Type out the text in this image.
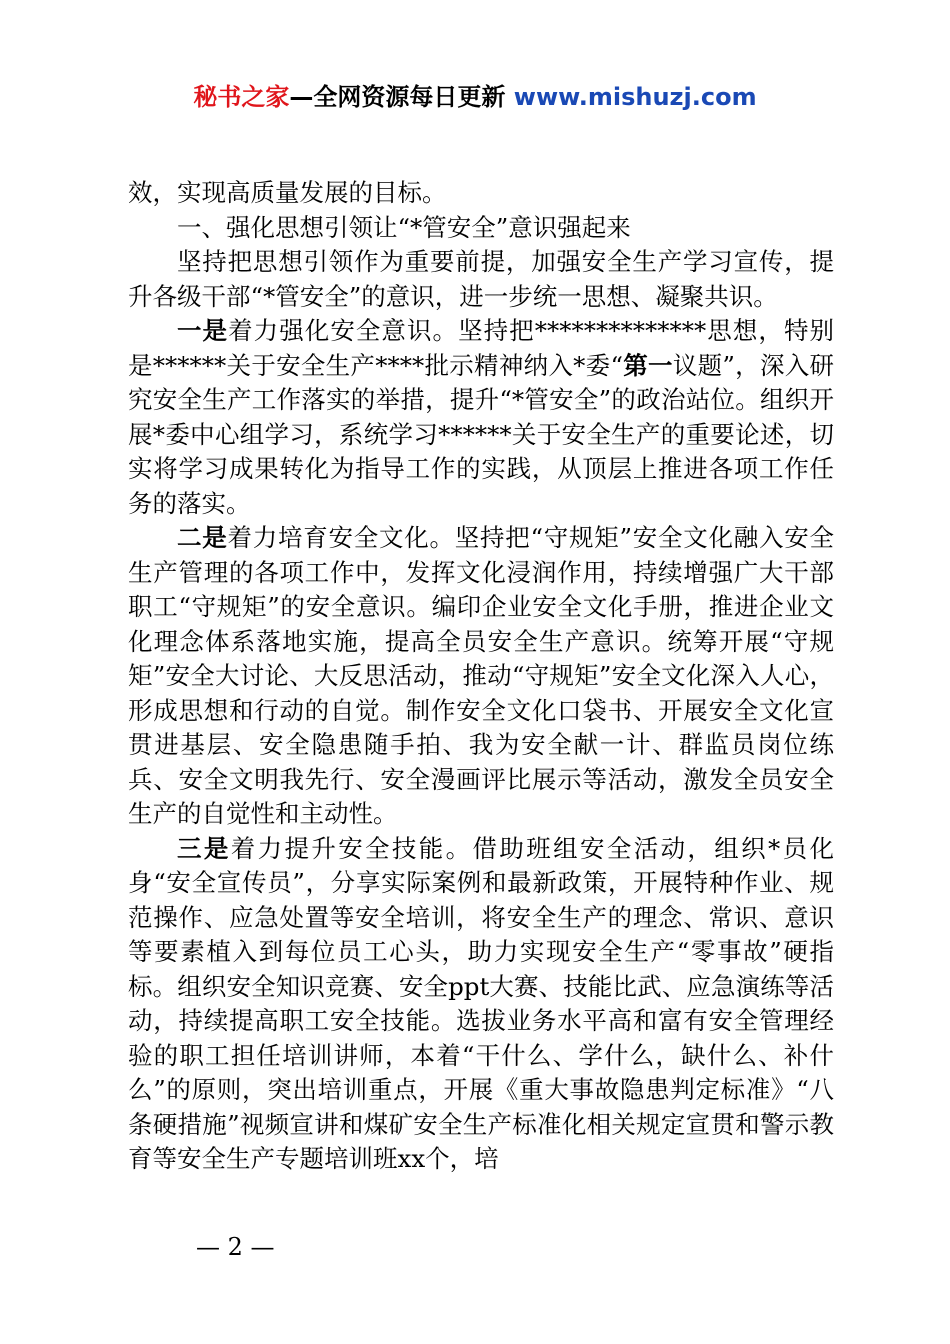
秘书之家—全网资源每日更新 www.mishuzj.com

效，实现高质量发展的目标。

一、强化思想引领让“*管安全”意识强起来

坚持把思想引领作为重要前提，加强安全生产学习宣传，提升各级干部“*管安全”的意识，进一步统一思想、凝聚共识。

一是着力强化安全意识。坚持把**************思想，特别是******关于安全生产****批示精神纳入*委“第一议题”，深入研究安全生产工作落实的举措，提升“*管安全”的政治站位。组织开展*委中心组学习，系统学习******关于安全生产的重要论述，切实将学习成果转化为指导工作的实践，从顶层上推进各项工作任务的落实。

二是着力培育安全文化。坚持把“守规矩”安全文化融入安全生产管理的各项工作中，发挥文化浸润作用，持续增强广大干部职工“守规矩”的安全意识。编印企业安全文化手册，推进企业文化理念体系落地实施，提高全员安全生产意识。统筹开展“守规矩”安全大讨论、大反思活动，推动“守规矩”安全文化深入人心，形成思想和行动的自觉。制作安全文化口袋书、开展安全文化宣贯进基层、安全隐患随手拍、我为安全献一计、群监员岗位练兵、安全文明我先行、安全漫画评比展示等活动，激发全员安全生产的自觉性和主动性。

三是着力提升安全技能。借助班组安全活动，组织*员化身“安全宣传员”，分享实际案例和最新政策，开展特种作业、规范操作、应急处置等安全培训，将安全生产的理念、常识、意识等要素植入到每位员工心头，助力实现安全生产“零事故”硬指标。组织安全知识竞赛、安全ppt大赛、技能比武、应急演练等活动，持续提高职工安全技能。选拔业务水平高和富有安全管理经验的职工担任培训讲师，本着“干什么、学什么，缺什么、补什么”的原则，突出培训重点，开展《重大事故隐患判定标准》“八条硬措施”视频宣讲和煤矿安全生产标准化相关规定宣贯和警示教育等安全生产专题培训班xx个，培

— 2 —
